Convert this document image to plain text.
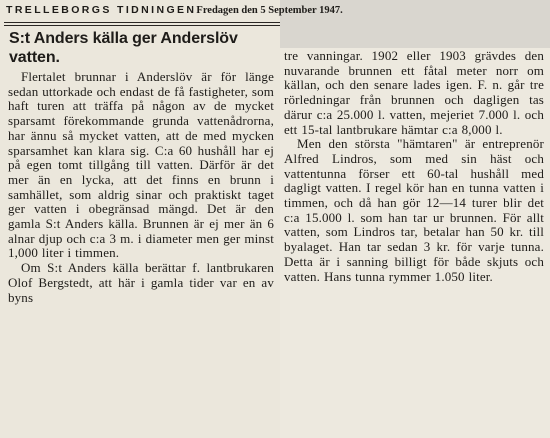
TRELLEBORGS TIDNINGEN Fredagen den 5 September 1947.
S:t Anders källa ger Anderslöv vatten.

Flertalet brunnar i Anderslöv är för länge sedan uttorkade och endast de få fastigheter, som haft turen att träffa på någon av de mycket sparsamt förekommande grunda vattenådrorna, har ännu så mycket vatten, att de med mycken sparsamhet kan klara sig. C:a 60 hushåll har ej på egen tomt tillgång till vatten. Därför är det mer än en lycka, att det finns en brunn i samhället, som aldrig sinar och praktiskt taget ger vatten i obegränsad mängd. Det är den gamla S:t Anders källa. Brunnen är ej mer än 6 alnar djup och c:a 3 m. i diameter men ger minst 1,000 liter i timmen.

Om S:t Anders källa berättar f. lantbrukaren Olof Bergstedt, att här i gamla tider var en av byns

tre vanningar. 1902 eller 1903 grävdes den nuvarande brunnen ett fåtal meter norr om källan, och den senare lades igen. F. n. går tre rörledningar från brunnen och dagligen tas därur c:a 25.000 l. vatten, mejeriet 7.000 l. och ett 15-tal lantbrukare hämtar c:a 8,000 l.

Men den största "hämtaren" är entreprenör Alfred Lindros, som med sin häst och vattentunna förser ett 60-tal hushåll med dagligt vatten. I regel kör han en tunna vatten i timmen, och då han gör 12—14 turer blir det c:a 15.000 l. som han tar ur brunnen. För allt vatten, som Lindros tar, betalar han 50 kr. till byalaget. Han tar sedan 3 kr. för varje tunna. Detta är i sanning billigt för både skjuts och vatten. Hans tunna rymmer 1.050 liter.
